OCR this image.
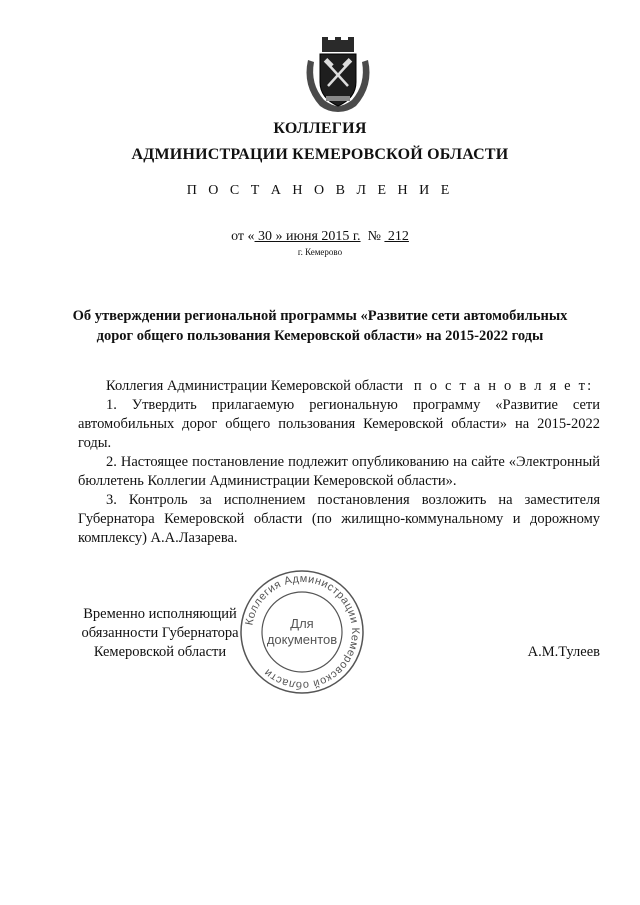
КОЛЛЕГИЯ
АДМИНИСТРАЦИИ КЕМЕРОВСКОЙ ОБЛАСТИ
П О С Т А Н О В Л Е Н И Е
от « 30 » июня 2015 г. №  212
г. Кемерово
Об утверждении региональной программы «Развитие сети автомобильных
дорог общего пользования Кемеровской области» на 2015-2022 годы

Коллегия Администрации Кемеровской области п о с т а н о в л я е т:

1. Утвердить прилагаемую региональную программу «Развитие сети автомобильных дорог общего пользования Кемеровской области» на 2015-2022 годы.

2. Настоящее постановление подлежит опубликованию на сайте «Электронный бюллетень Коллегии Администрации Кемеровской области».

3. Контроль за исполнением постановления возложить на заместителя Губернатора Кемеровской области (по жилищно-коммунальному и дорожному комплексу) А.А.Лазарева.

Коллегия Администрации Кемеровской области
Для
документов
Временно исполняющий
обязанности Губернатора
Кемеровской области	А.М.Тулеев
